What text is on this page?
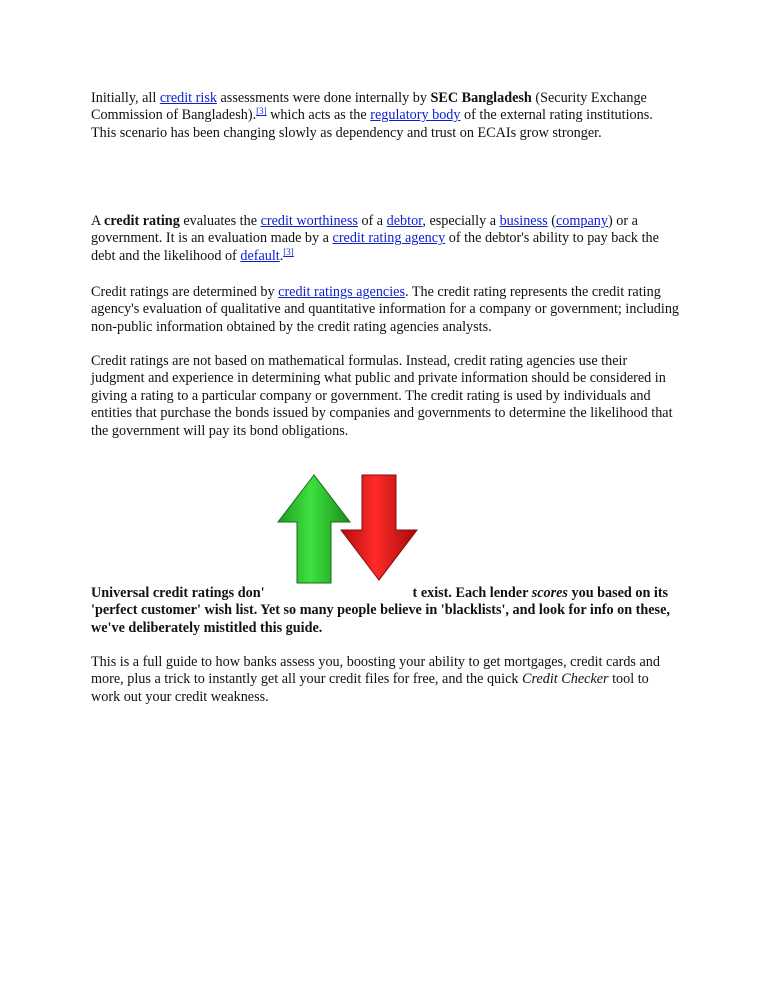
Initially, all credit risk assessments were done internally by SEC Bangladesh (Security Exchange Commission of Bangladesh).[3] which acts as the regulatory body of the external rating institutions. This scenario has been changing slowly as dependency and trust on ECAIs grow stronger.

A credit rating evaluates the credit worthiness of a debtor, especially a business (company) or a government. It is an evaluation made by a credit rating agency of the debtor's ability to pay back the debt and the likelihood of default.[3]

Credit ratings are determined by credit ratings agencies. The credit rating represents the credit rating agency's evaluation of qualitative and quantitative information for a company or government; including non-public information obtained by the credit rating agencies analysts.

Credit ratings are not based on mathematical formulas. Instead, credit rating agencies use their judgment and experience in determining what public and private information should be considered in giving a rating to a particular company or government. The credit rating is used by individuals and entities that purchase the bonds issued by companies and governments to determine the likelihood that the government will pay its bond obligations.

Universal credit ratings don'	t exist. Each lender scores you based on its 'perfect customer' wish list. Yet so many people believe in 'blacklists', and look for info on these, we've deliberately mistitled this guide.

This is a full guide to how banks assess you, boosting your ability to get mortgages, credit cards and more, plus a trick to instantly get all your credit files for free, and the quick Credit Checker tool to work out your credit weakness.
